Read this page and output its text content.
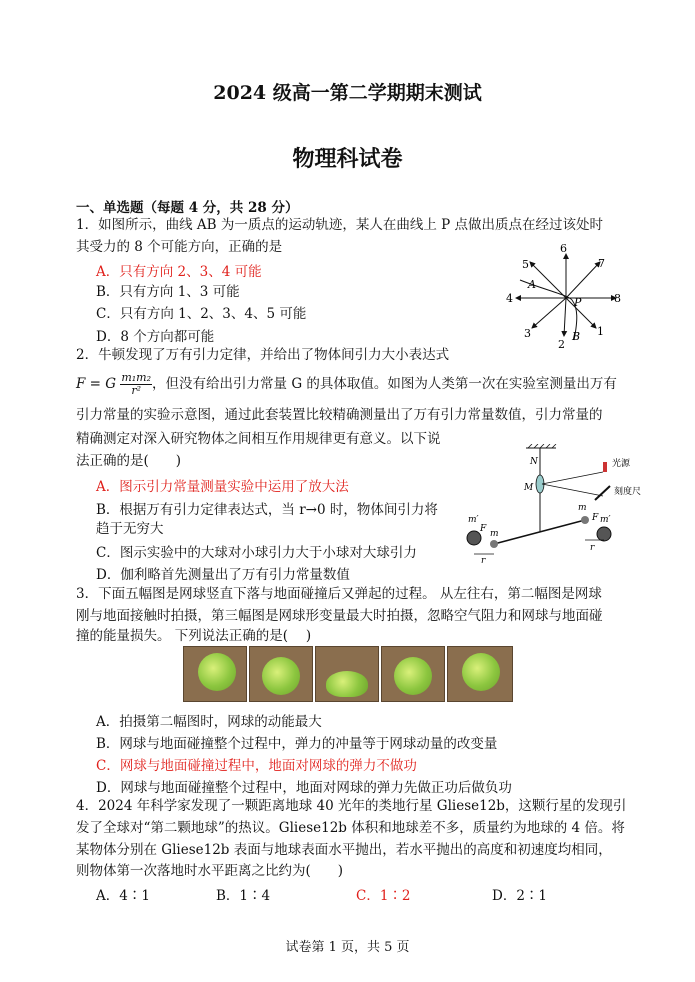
2024 级高一第二学期期末测试
物理科试卷
一、单选题（每题 4 分，共 28 分）
1．如图所示，曲线 AB 为一质点的运动轨迹，某人在曲线上 P 点做出质点在经过该处时
其受力的 8 个可能方向，正确的是
A．只有方向 2、3、4 可能
B．只有方向 1、3 可能
C．只有方向 1、2、3、4、5 可能
D．8 个方向都可能	1
2
3
4
5
6
7
8
A
B
P
2．牛顿发现了万有引力定律，并给出了物体间引力大小表达式
F = G $\frac{\text{m₁m₂}}{\text{r²}}$ ，但没有给出引力常量 G 的具体取值。如图为人类第一次在实验室测量出万有
引力常量的实验示意图，通过此套装置比较精确测量出了万有引力常量数值，引力常量的
精确测定对深入研究物体之间相互作用规律更有意义。以下说
法正确的是(　　)
A．图示引力常量测量实验中运用了放大法
B．根据万有引力定律表达式，当 r→0 时，物体间引力将
趋于无穷大
C．图示实验中的大球对小球引力大于小球对大球引力
D．伽利略首先测量出了万有引力常量数值
N
M
m′
m
F
r
m
m′
F
r
光源
刻度尺
3．下面五幅图是网球竖直下落与地面碰撞后又弹起的过程。 从左往右，第二幅图是网球
刚与地面接触时拍摄，第三幅图是网球形变量最大时拍摄，忽略空气阻力和网球与地面碰
撞的能量损失。 下列说法正确的是(　 )
A．拍摄第二幅图时，网球的动能最大
B．网球与地面碰撞整个过程中，弹力的冲量等于网球动量的改变量
C．网球与地面碰撞过程中，地面对网球的弹力不做功
D．网球与地面碰撞整个过程中，地面对网球的弹力先做正功后做负功
4．2024 年科学家发现了一颗距离地球 40 光年的类地行星 Gliese12b，这颗行星的发现引
发了全球对“第二颗地球”的热议。Gliese12b 体积和地球差不多，质量约为地球的 4 倍。将
某物体分别在 Gliese12b 表面与地球表面水平抛出，若水平抛出的高度和初速度均相同，
则物体第一次落地时水平距离之比约为(　　)
A．4∶1	B．1∶4	C．1∶2	D．2∶1
试卷第 1 页，共 5 页
